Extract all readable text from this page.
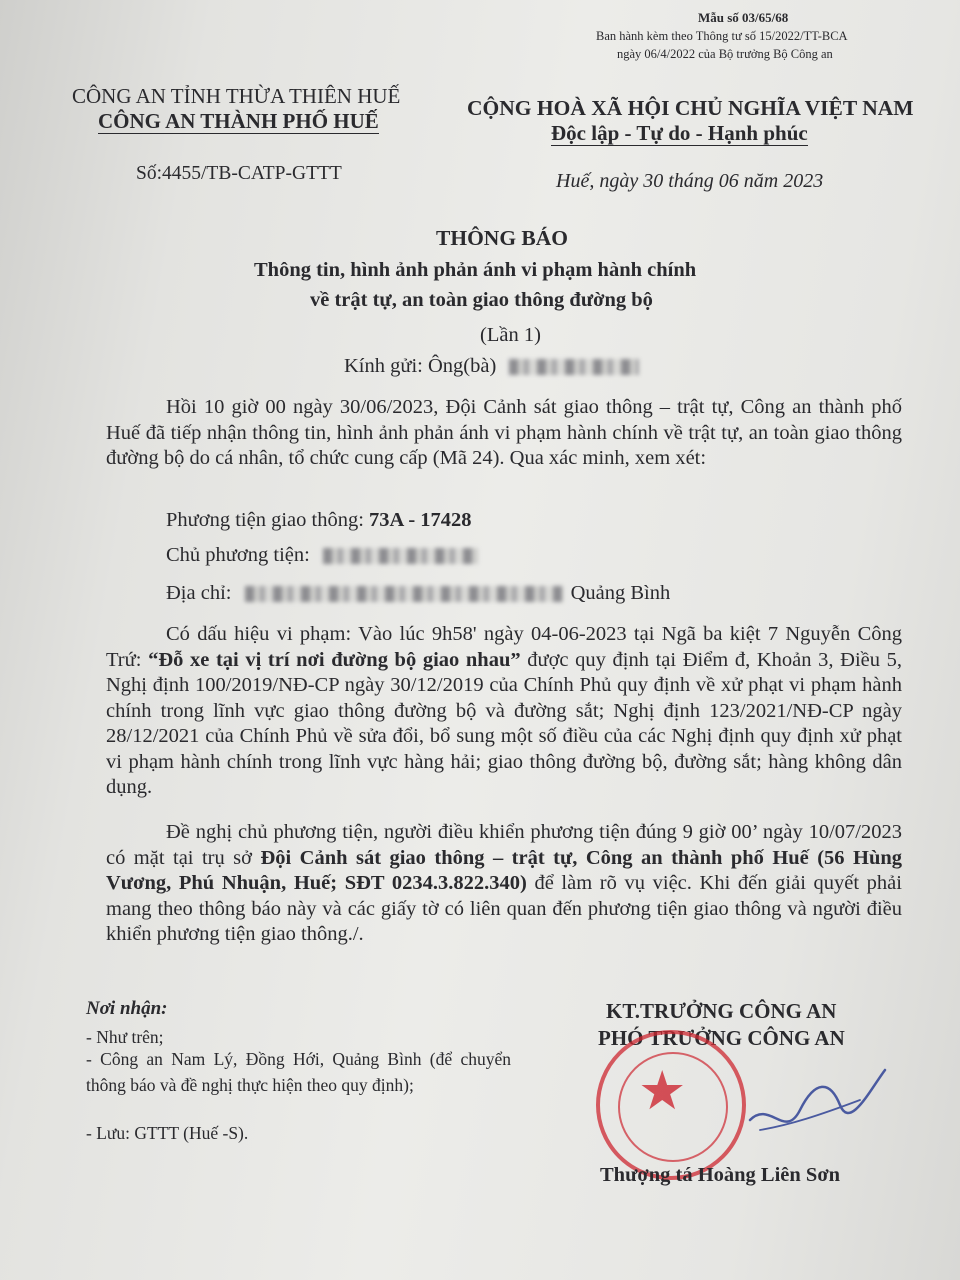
Mẫu số 03/65/68
Ban hành kèm theo Thông tư số 15/2022/TT-BCA
ngày 06/4/2022 của Bộ trưởng Bộ Công an
CÔNG AN TỈNH THỪA THIÊN HUẾ
CÔNG AN THÀNH PHỐ HUẾ
Số:4455/TB-CATP-GTTT
CỘNG HOÀ XÃ HỘI CHỦ NGHĨA VIỆT NAM
Độc lập - Tự do - Hạnh phúc
Huế, ngày 30 tháng 06 năm 2023
THÔNG BÁO
Thông tin, hình ảnh phản ánh vi phạm hành chính
về trật tự, an toàn giao thông đường bộ
(Lần 1)
Kính gửi: Ông(bà)
Hồi 10 giờ 00 ngày 30/06/2023, Đội Cảnh sát giao thông – trật tự, Công an thành phố Huế đã tiếp nhận thông tin, hình ảnh phản ánh vi phạm hành chính về trật tự, an toàn giao thông đường bộ do cá nhân, tổ chức cung cấp (Mã 24). Qua xác minh, xem xét:
Phương tiện giao thông: 73A - 17428
Chủ phương tiện:
Địa chỉ:	Quảng Bình
Có dấu hiệu vi phạm: Vào lúc 9h58' ngày 04-06-2023 tại Ngã ba kiệt 7 Nguyễn Công Trứ: “Đỗ xe tại vị trí nơi đường bộ giao nhau” được quy định tại Điểm đ, Khoản 3, Điều 5, Nghị định 100/2019/NĐ-CP ngày 30/12/2019 của Chính Phủ quy định về xử phạt vi phạm hành chính trong lĩnh vực giao thông đường bộ và đường sắt; Nghị định 123/2021/NĐ-CP ngày 28/12/2021 của Chính Phủ về sửa đổi, bổ sung một số điều của các Nghị định quy định xử phạt vi phạm hành chính trong lĩnh vực hàng hải; giao thông đường bộ, đường sắt; hàng không dân dụng.
Đề nghị chủ phương tiện, người điều khiển phương tiện đúng 9 giờ 00’ ngày 10/07/2023 có mặt tại trụ sở Đội Cảnh sát giao thông – trật tự, Công an thành phố Huế (56 Hùng Vương, Phú Nhuận, Huế; SĐT 0234.3.822.340) để làm rõ vụ việc. Khi đến giải quyết phải mang theo thông báo này và các giấy tờ có liên quan đến phương tiện giao thông và người điều khiển phương tiện giao thông./.
Nơi nhận:
- Như trên;
- Công an Nam Lý, Đồng Hới, Quảng Bình (để chuyển thông báo và đề nghị thực hiện theo quy định);
- Lưu: GTTT (Huế -S).
KT.TRƯỞNG CÔNG AN
PHÓ TRƯỞNG CÔNG AN
★
Thượng tá Hoàng Liên Sơn
